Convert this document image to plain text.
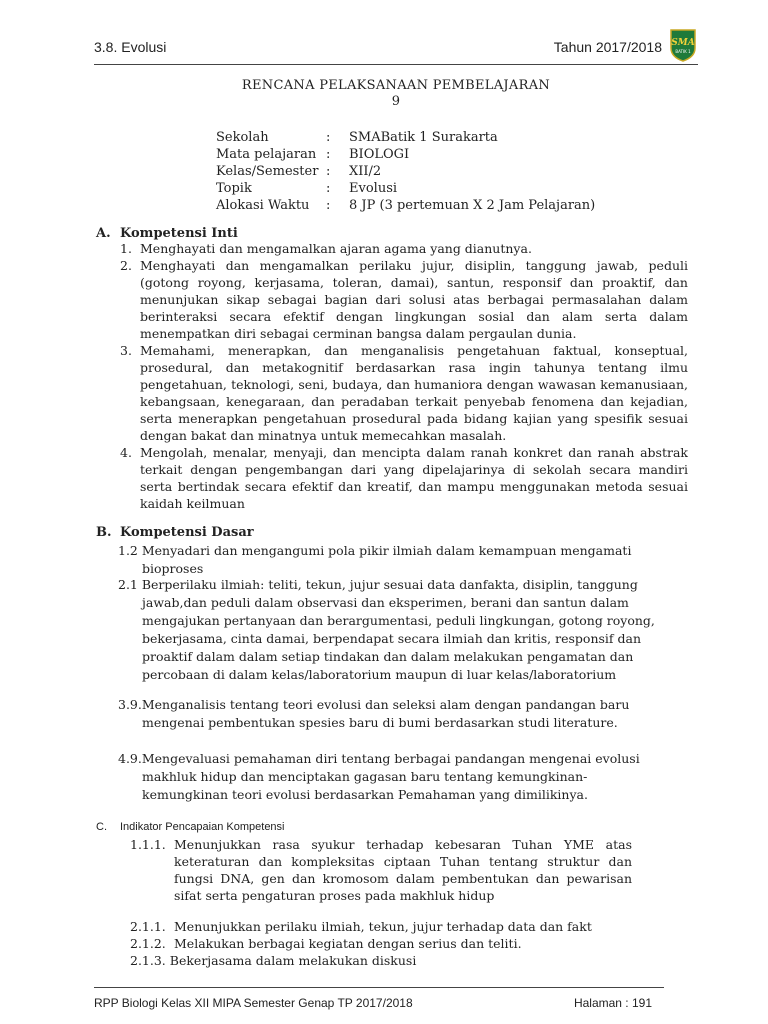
3.8. Evolusi	Tahun 2017/2018 SMA
BATIK 1
RENCANA PELAKSANAAN PEMBELAJARAN
9
Sekolah	: SMABatik 1 Surakarta
Mata pelajaran : BIOLOGI
Kelas/Semester : XII/2
Topik	: Evolusi
Alokasi Waktu : 8 JP (3 pertemuan X 2 Jam Pelajaran)
A. Kompetensi Inti
1. Menghayati dan mengamalkan ajaran agama yang dianutnya.
2. Menghayati dan mengamalkan perilaku jujur, disiplin, tanggung jawab, peduli (gotong royong, kerjasama, toleran, damai), santun, responsif dan proaktif, dan menunjukan sikap sebagai bagian dari solusi atas berbagai permasalahan dalam berinteraksi secara efektif dengan lingkungan sosial dan alam serta dalam menempatkan diri sebagai cerminan bangsa dalam pergaulan dunia.
3. Memahami, menerapkan, dan menganalisis pengetahuan faktual, konseptual, prosedural, dan metakognitif berdasarkan rasa ingin tahunya tentang ilmu pengetahuan, teknologi, seni, budaya, dan humaniora dengan wawasan kemanusiaan, kebangsaan, kenegaraan, dan peradaban terkait penyebab fenomena dan kejadian, serta menerapkan pengetahuan prosedural pada bidang kajian yang spesifik sesuai dengan bakat dan minatnya untuk memecahkan masalah.
4. Mengolah, menalar, menyaji, dan mencipta dalam ranah konkret dan ranah abstrak terkait dengan pengembangan dari yang dipelajarinya di sekolah secara mandiri serta bertindak secara efektif dan kreatif, dan mampu menggunakan metoda sesuai kaidah keilmuan
B. Kompetensi Dasar
1.2 Menyadari dan mengangumi pola pikir ilmiah dalam kemampuan mengamati
bioproses
2.1 Berperilaku ilmiah: teliti, tekun, jujur sesuai data danfakta, disiplin, tanggung
jawab,dan peduli dalam observasi dan eksperimen, berani dan santun dalam mengajukan pertanyaan dan berargumentasi, peduli lingkungan, gotong royong, bekerjasama, cinta damai, berpendapat secara ilmiah dan kritis, responsif dan proaktif dalam dalam setiap tindakan dan dalam melakukan pengamatan dan percobaan di dalam kelas/laboratorium maupun di luar kelas/laboratorium
3.9.Menganalisis tentang teori evolusi dan seleksi alam dengan pandangan baru
mengenai pembentukan spesies baru di bumi berdasarkan studi literature.
4.9.Mengevaluasi pemahaman diri tentang berbagai pandangan mengenai evolusi
makhluk hidup dan menciptakan gagasan baru tentang kemungkinan-kemungkinan teori evolusi berdasarkan Pemahaman yang dimilikinya.
C. Indikator Pencapaian Kompetensi
1.1.1. Menunjukkan rasa syukur terhadap kebesaran Tuhan YME atas keteraturan dan kompleksitas ciptaan Tuhan tentang struktur dan fungsi DNA, gen dan kromosom dalam pembentukan dan pewarisan sifat serta pengaturan proses pada makhluk hidup
2.1.1. Menunjukkan perilaku ilmiah, tekun, jujur terhadap data dan fakt
2.1.2. Melakukan berbagai kegiatan dengan serius dan teliti.
2.1.3. Bekerjasama dalam melakukan diskusi
RPP Biologi Kelas XII MIPA Semester Genap TP 2017/2018	Halaman : 191
